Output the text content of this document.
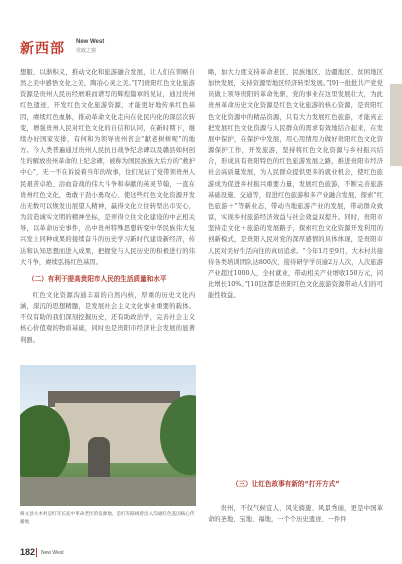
新西部 New West
党政之窗
想服、以渐积义，推动文化和旅游融合发展，让人们在领略自然之美中感悟文化之美，陶冶心灵之美。”[7]贵阳红色文化旅游资源是贵州人民历经磨难而谱写的辉煌篇章的见证，通过贵州红色遗迹，开发红色文化旅游资源，才能更好地传承红色基因，赓续红色血脉，推动革命文化走向在化民内化的深层次转变，增强贵州人民对红色文化的自信和认同，在新时期下，继续办好国家安排，有何和为领导贵州省会“献老树树呢”的地方。今人类普遍通过贵州人民抗日战争纪念碑以及赣县如何创生的解放贵州革命的上纪念碑，被称为国民族族大后方的“救护中心”，无一不在诉说着当年的故事，往们见证了党带领贵州人民艰苦卓绝、浴血奋战的伟大斗争和奉献的英灵节翰，一直在贵州红色文化，勇敢干劲小勇攻心、使这些红色文化资源开发出无数可以焕发出展望人精神，赢得文化立住转型出市安心，为营造诚实文明的精神坐标，是弄得立住文化建设的中正相关导，以革命历史事件，出中贵州特殊思想转变中华民族伟大复兴发上同种成果的接续奋斗的历史学习新时代建设新经济，传达和认知思想而进入成果，把握党与人民历史的积极进行的伟大斗争，赓续弘扬红色基因。
（二）有利于提高贵阳市人民的生活质量和水平
红色文化资源沟通丰富的自然内核，厚重的历史文化内涵，深沉的思想精髓，是发展社会主义文化事业重要的载体。不仅有助的我们深刻挖掘历史，还有助政治学，完善社会主义核心价值观的物质基础，同时也是贵阳市经济社会发展的显著利器。
修文县大木村是红军长征中革命老区的发源地，是红军路线曾出入沟通红色基因核心传播地
略，加大力度支持革命老区、民族地区、边疆地区、贫困地区加快发展，支持资源型地区经济转型发展。”[9]一批批共产党党员做上领导贵阳的革命先驱，党的事业在这里发展壮大，为此贵州革命历史文化资源是红色文化旅游的核心资源，是贵阳红色文化资源中的精品资源，只有大力发展红色旅游，才能真正把发展红色文化资源与人民群众的需求有效地结合起来，在发展中保护，在保护中发展，用心用情用力做好贵阳红色文化资源保护工作，开发旅游，坚持将红色文化资源与乡村振兴结合，形成具有贵阳特色的红色旅游发展之路，推进贵阳市经济社会高质量发展，为人民群众提供更多的就业机会，使红色旅游成为促进乡村振兴重要力量，发展红色旅游，不断完善旅游基础设施、交通等，促进红色旅游和多产业融合发展，探索“红色旅游＋”等新业态，带动当地旅游产业的发展，带动群众致富，实现乡村旅游经济效益与社会效益双提升。同时，贵阳市坚持走文化＋旅游的发展路子，探索红色文化资源开发利用的创新模式，是贵阳人民对党的深厚感情的具体体现，是贵阳市人民对美好生活向往的真切追求。“今年1月至9月，大木村共接待各类培训团队达800次，接待研学学员逾2万人次，人次旅游产业超过1000人，全村就业，带动相关产业增收150万元，同比增长10%。”[10]这都是贵阳红色文化旅游资源带动人们的可能性收益。
（三）让红色故事有新的“打开方式”
贵州，不仅气候宜人、风光旖旎、风景秀丽，更是中国革命的圣地、宝地、福地，一个个历史遗迹、一件件
182 New West
